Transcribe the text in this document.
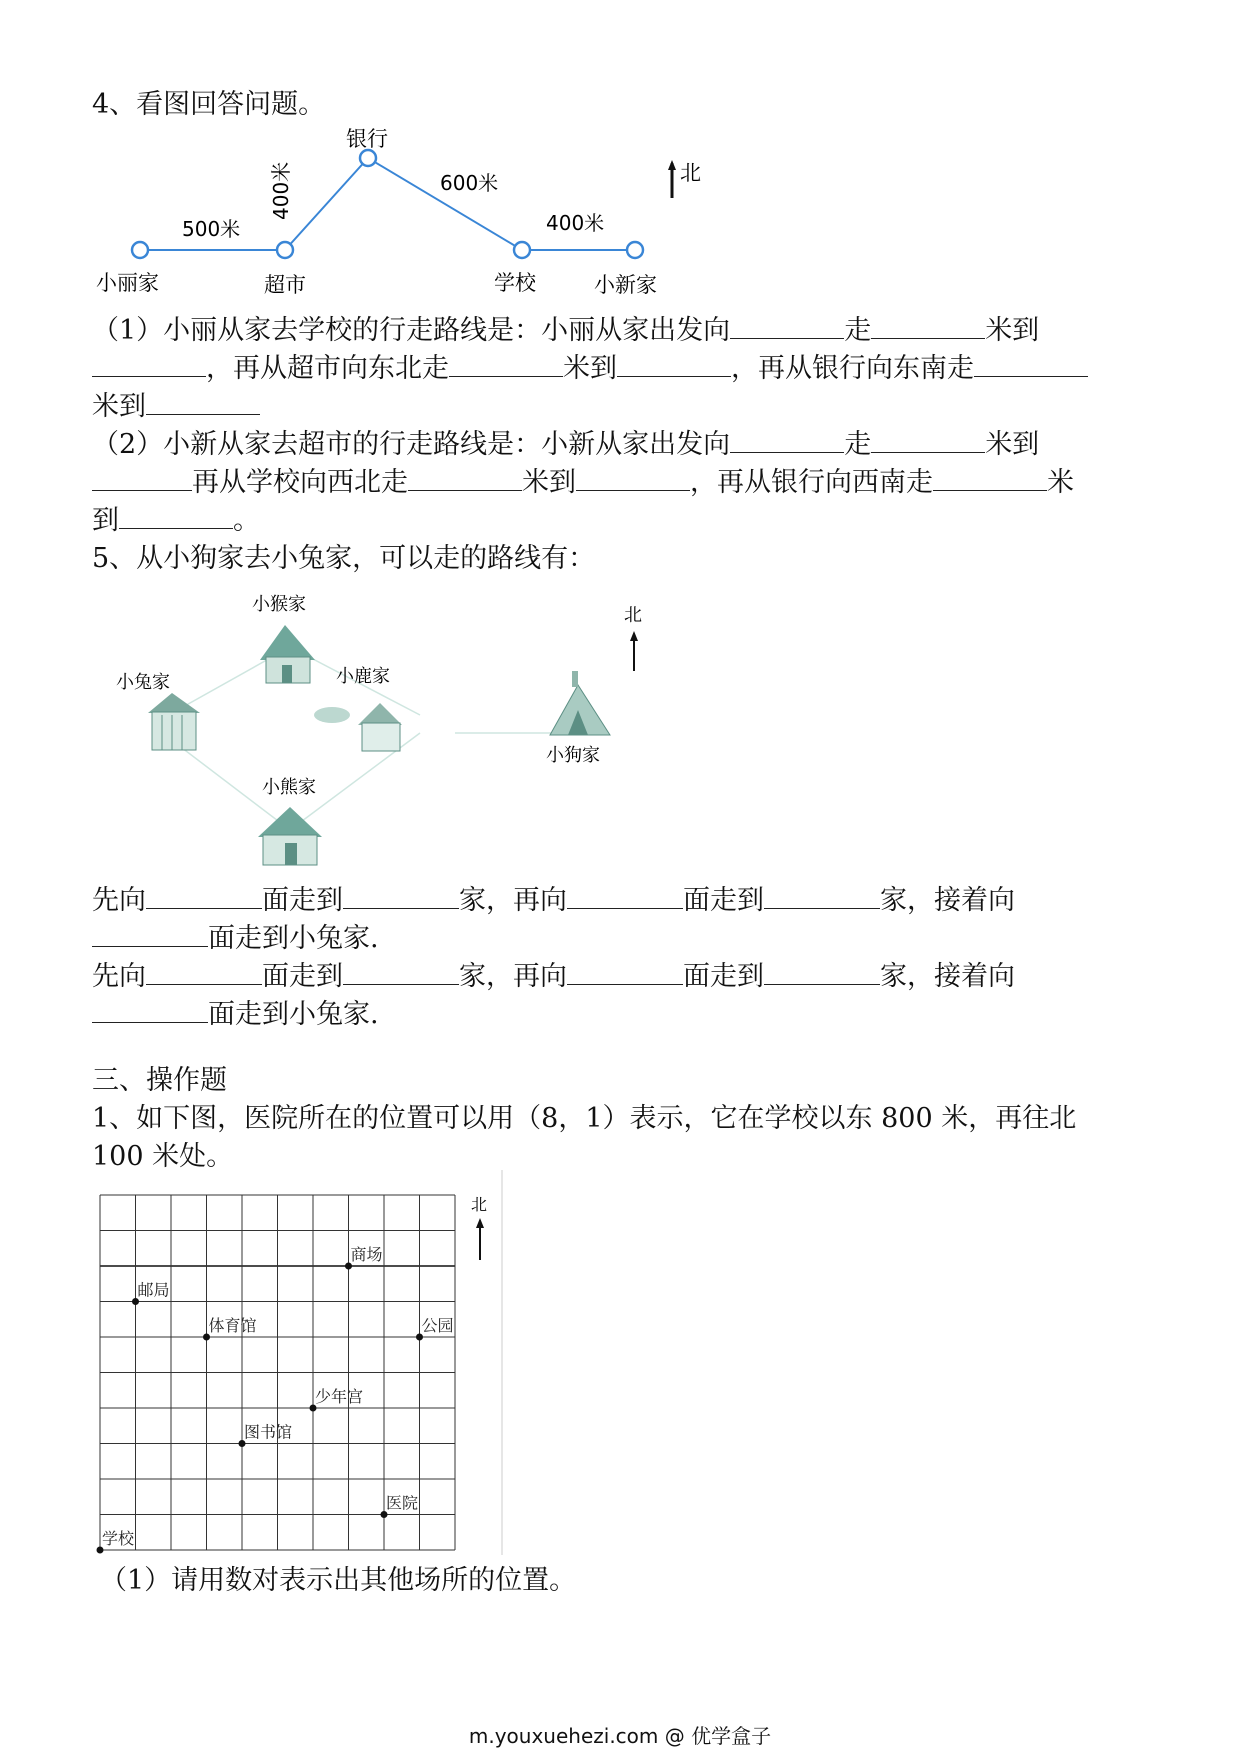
4、看图回答问题。
小丽家	超市
银行
学校	小新家
500米
400米	600米
400米
北
（1）小丽从家去学校的行走路线是：小丽从家出发向	走	米到
，再从超市向东北走	米到	，再从银行向东南走
米到
（2）小新从家去超市的行走路线是：小新从家出发向	走	米到
再从学校向西北走	米到	，再从银行向西南走	米
到	。
5、从小狗家去小兔家，可以走的路线有：
小猴家
小兔家	小鹿家
小狗家
小熊家
北
先向	面走到	家，再向	面走到	家，接着向
面走到小兔家.
先向	面走到	家，再向	面走到	家，接着向
面走到小兔家.
三、操作题
1、如下图，医院所在的位置可以用（8，1）表示，它在学校以东 800 米，再往北
100 米处。
学校
医院
图书馆
少年宫
体育馆	公园
邮局
商场
北
（1）请用数对表示出其他场所的位置。
m.youxuehezi.com @ 优学盒子
